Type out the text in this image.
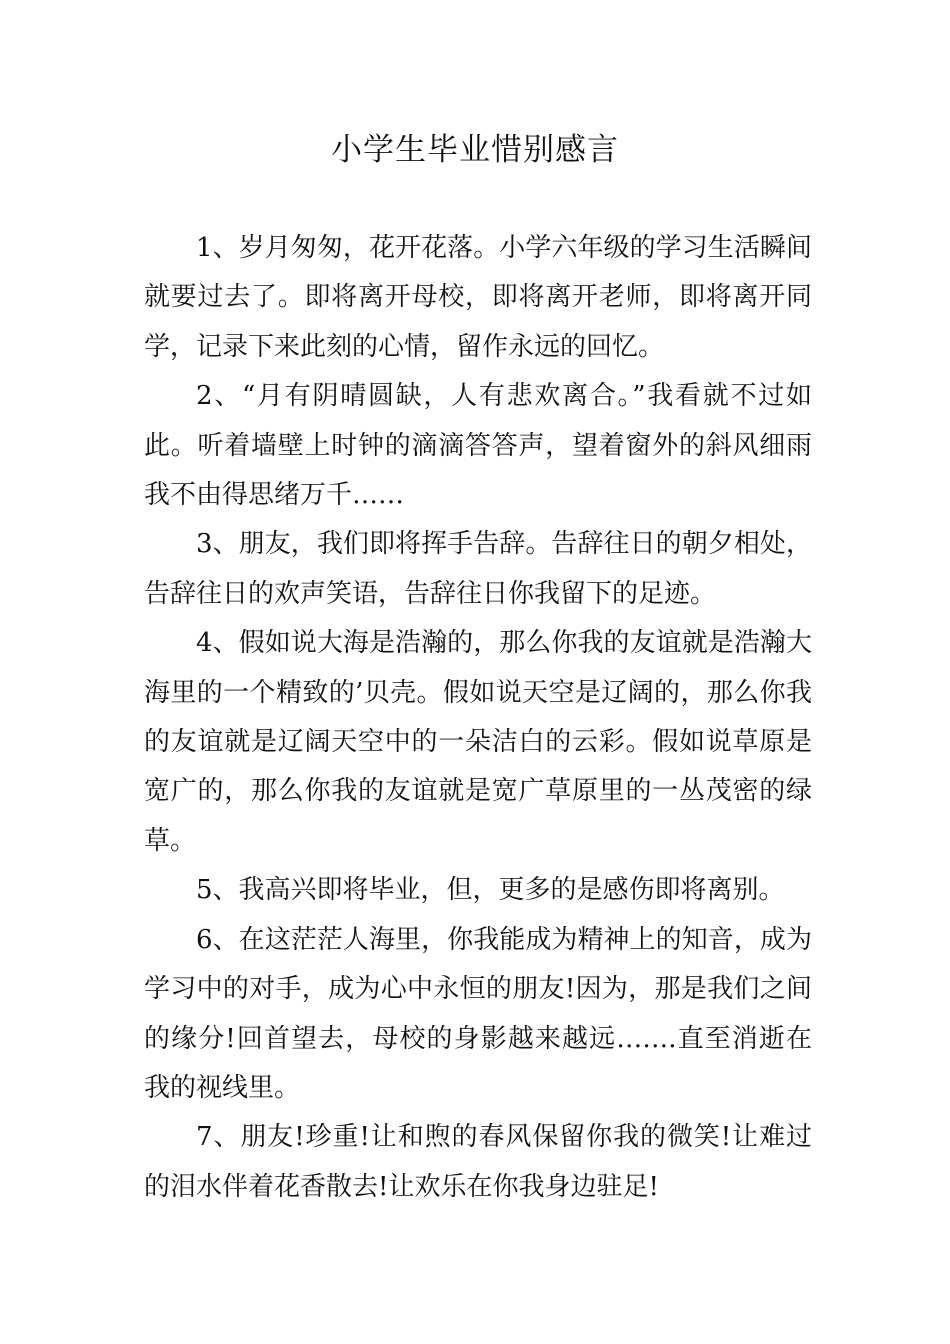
小学生毕业惜别感言

1、岁月匆匆，花开花落。小学六年级的学习生活瞬间就要过去了。即将离开母校，即将离开老师，即将离开同学，记录下来此刻的心情，留作永远的回忆。

2、“月有阴晴圆缺，人有悲欢离合。”我看就不过如此。听着墙壁上时钟的滴滴答答声，望着窗外的斜风细雨我不由得思绪万千……

3、朋友，我们即将挥手告辞。告辞往日的朝夕相处，告辞往日的欢声笑语，告辞往日你我留下的足迹。

4、假如说大海是浩瀚的，那么你我的友谊就是浩瀚大海里的一个精致的’贝壳。假如说天空是辽阔的，那么你我的友谊就是辽阔天空中的一朵洁白的云彩。假如说草原是宽广的，那么你我的友谊就是宽广草原里的一丛茂密的绿草。

5、我高兴即将毕业，但，更多的是感伤即将离别。

6、在这茫茫人海里，你我能成为精神上的知音，成为学习中的对手，成为心中永恒的朋友!因为，那是我们之间的缘分!回首望去，母校的身影越来越远…….直至消逝在我的视线里。

7、朋友!珍重!让和煦的春风保留你我的微笑!让难过的泪水伴着花香散去!让欢乐在你我身边驻足!
